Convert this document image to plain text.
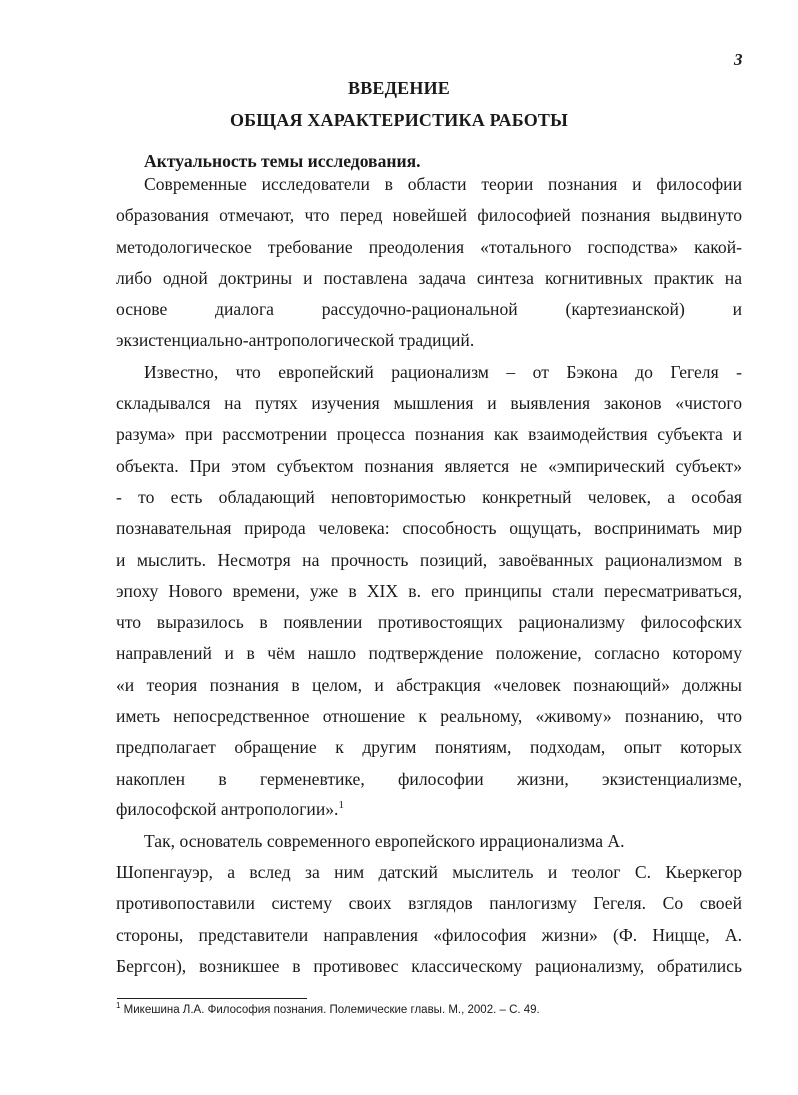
3
ВВЕДЕНИЕ
ОБЩАЯ ХАРАКТЕРИСТИКА РАБОТЫ
Актуальность темы исследования.
Современные исследователи в области теории познания и философии
образования отмечают, что перед новейшей философией познания выдвинуто
методологическое требование преодоления «тотального господства» какой-
либо одной доктрины и поставлена задача синтеза когнитивных практик на
основе диалога рассудочно-рациональной (картезианской) и
экзистенциально-антропологической традиций.
Известно, что европейский рационализм – от Бэкона до Гегеля -
складывался на путях изучения мышления и выявления законов «чистого
разума» при рассмотрении процесса познания как взаимодействия субъекта и
объекта. При этом субъектом познания является не «эмпирический субъект»
- то есть обладающий неповторимостью конкретный человек, а особая
познавательная природа человека: способность ощущать, воспринимать мир
и мыслить. Несмотря на прочность позиций, завоёванных рационализмом в
эпоху Нового времени, уже в XIX в. его принципы стали пересматриваться,
что выразилось в появлении противостоящих рационализму философских
направлений и в чём нашло подтверждение положение, согласно которому
«и теория познания в целом, и абстракция «человек познающий» должны
иметь непосредственное отношение к реальному, «живому» познанию, что
предполагает обращение к другим понятиям, подходам, опыт которых
накоплен в герменевтике, философии жизни, экзистенциализме,
философской антропологии».$^1$
Так, основатель современного европейского иррационализма А.
Шопенгауэр, а вслед за ним датский мыслитель и теолог С. Кьеркегор
противопоставили систему своих взглядов панлогизму Гегеля. Со своей
стороны, представители направления «философия жизни» (Ф. Ницще, А.
Бергсон), возникшее в противовес классическому рационализму, обратились
$^1$ Микешина Л.А. Философия познания. Полемические главы. М., 2002. – С. 49.
